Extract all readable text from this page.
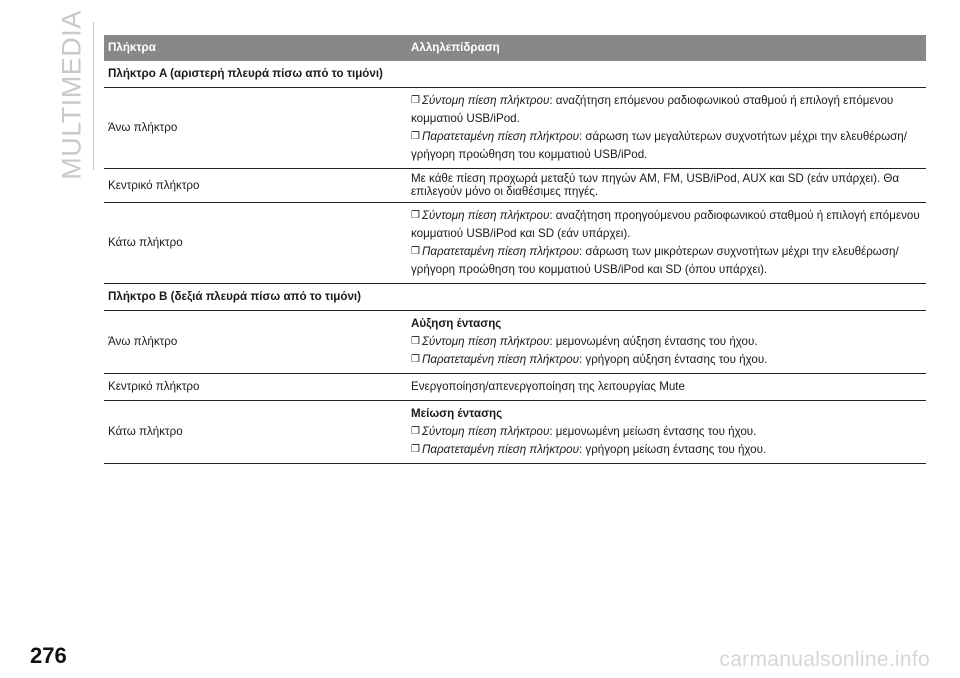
MULTIMEDIA Πλήκτρα	Αλληλεπίδραση
Πλήκτρο A (αριστερή πλευρά πίσω από το τιμόνι)	
Άνω πλήκτρο	❒ Σύντομη πίεση πλήκτρου: αναζήτηση επόμενου ραδιοφωνικού σταθμού ή επιλογή επόμενου κομματιού USB/iPod.
❒ Παρατεταμένη πίεση πλήκτρου: σάρωση των μεγαλύτερων συχνοτήτων μέχρι την ελευθέρωση/γρήγορη προώθηση του κομματιού USB/iPod.

Κεντρικό πλήκτρο	Με κάθε πίεση προχωρά μεταξύ των πηγών AM, FM, USB/iPod, AUX και SD (εάν υπάρχει). Θα επιλεγούν μόνο οι διαθέσιμες πηγές.
Κάτω πλήκτρο	❒ Σύντομη πίεση πλήκτρου: αναζήτηση προηγούμενου ραδιοφωνικού σταθμού ή επιλογή επόμενου κομματιού USB/iPod και SD (εάν υπάρχει).
❒ Παρατεταμένη πίεση πλήκτρου: σάρωση των μικρότερων συχνοτήτων μέχρι την ελευθέρωση/γρήγορη προώθηση του κομματιού USB/iPod και SD (όπου υπάρχει).

Πλήκτρο B (δεξιά πλευρά πίσω από το τιμόνι)	
Άνω πλήκτρο	Αύξηση έντασης
❒ Σύντομη πίεση πλήκτρου: μεμονωμένη αύξηση έντασης του ήχου.
❒ Παρατεταμένη πίεση πλήκτρου: γρήγορη αύξηση έντασης του ήχου.

Κεντρικό πλήκτρο	Ενεργοποίηση/απενεργοποίηση της λειτουργίας Mute
Κάτω πλήκτρο	Μείωση έντασης
❒ Σύντομη πίεση πλήκτρου: μεμονωμένη μείωση έντασης του ήχου.
❒ Παρατεταμένη πίεση πλήκτρου: γρήγορη μείωση έντασης του ήχου.
276	carmanualsonline.info
